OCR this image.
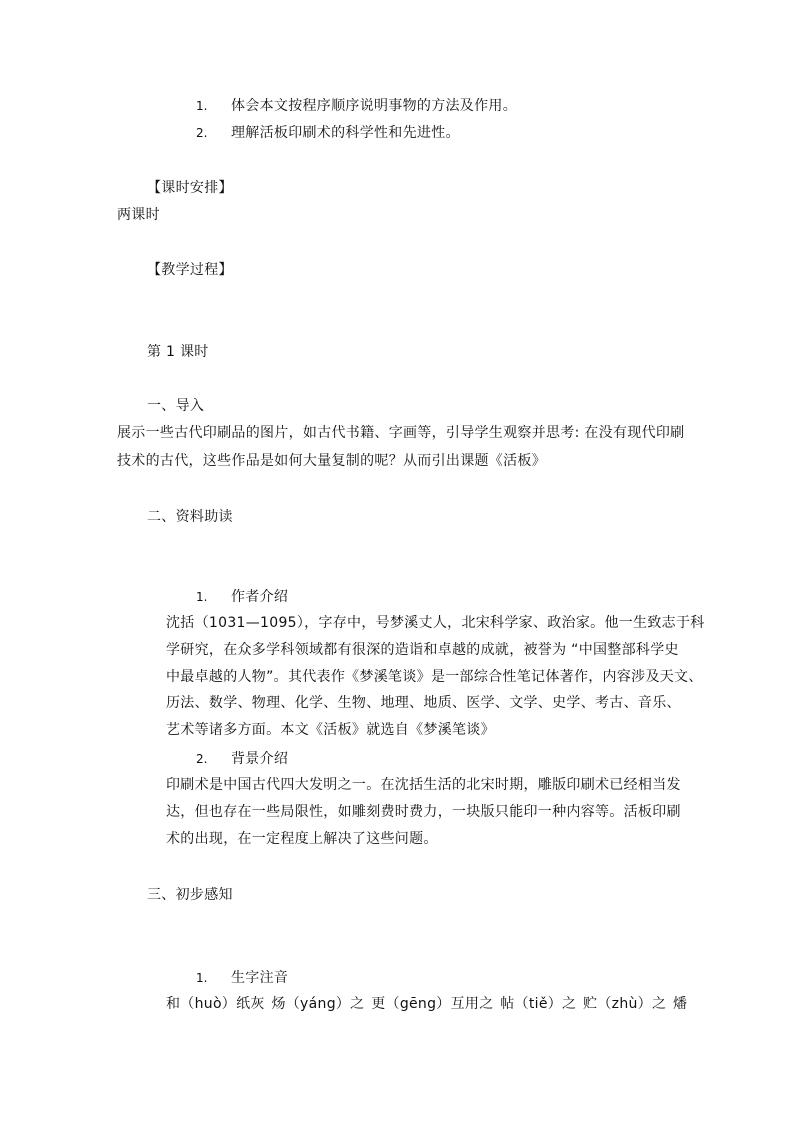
1. 体会本文按程序顺序说明事物的方法及作用。
2. 理解活板印刷术的科学性和先进性。
【课时安排】
两课时
【教学过程】
第 1 课时
一、导入
展示一些古代印刷品的图片，如古代书籍、字画等，引导学生观察并思考: 在没有现代印刷
技术的古代，这些作品是如何大量复制的呢？从而引出课题《活板》
二、资料助读
1. 作者介绍
沈括（1031—1095），字存中，号梦溪丈人，北宋科学家、政治家。他一生致志于科
学研究，在众多学科领域都有很深的造诣和卓越的成就，被誉为 “中国整部科学史
中最卓越的人物”。其代表作《梦溪笔谈》是一部综合性笔记体著作，内容涉及天文、
历法、数学、物理、化学、生物、地理、地质、医学、文学、史学、考古、音乐、
艺术等诸多方面。本文《活板》就选自《梦溪笔谈》
2. 背景介绍
印刷术是中国古代四大发明之一。在沈括生活的北宋时期，雕版印刷术已经相当发
达，但也存在一些局限性，如雕刻费时费力，一块版只能印一种内容等。活板印刷
术的出现，在一定程度上解决了这些问题。
三、初步感知
1. 生字注音
和（huò）纸灰 炀（yáng）之 更（gēng）互用之 帖（tiě）之 贮（zhù）之 燔
